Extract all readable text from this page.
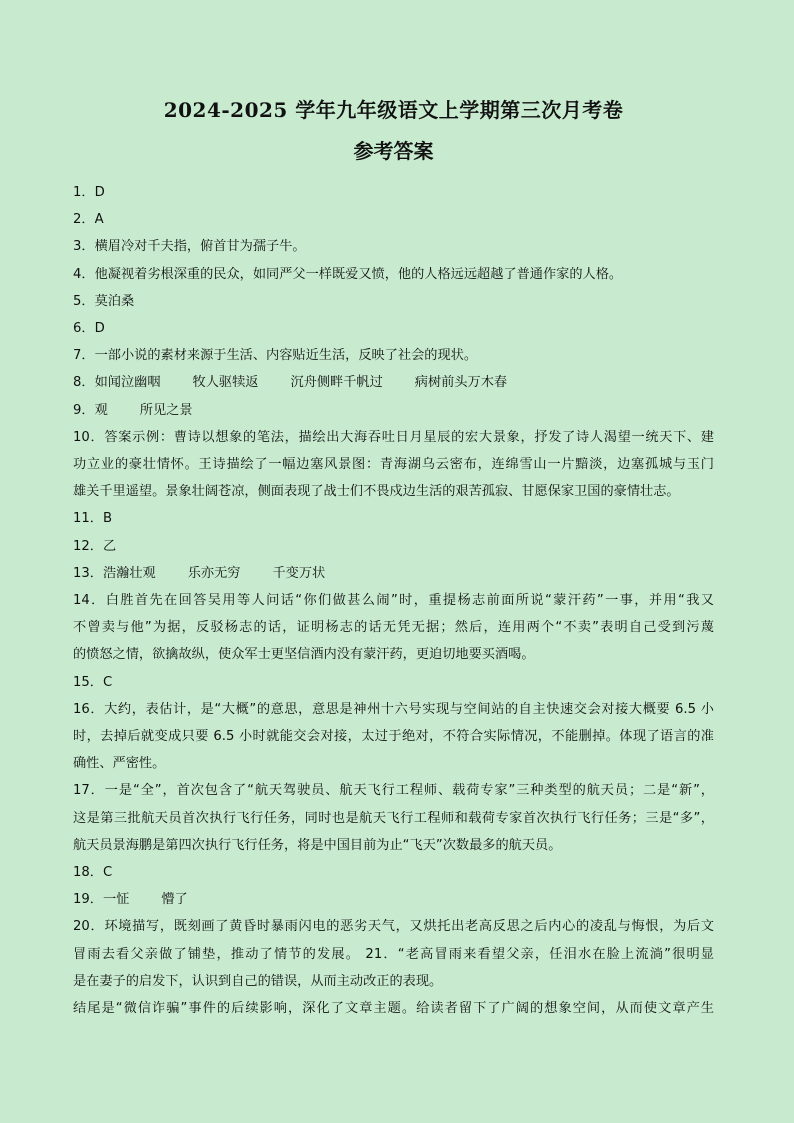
2024-2025 学年九年级语文上学期第三次月考卷
参考答案
1．D
2．A
3．横眉冷对千夫指，俯首甘为孺子牛。
4．他凝视着劣根深重的民众，如同严父一样既爱又愤，他的人格远远超越了普通作家的人格。
5．莫泊桑
6．D
7．一部小说的素材来源于生活、内容贴近生活，反映了社会的现状。
8．如闻泣幽咽 牧人驱犊返 沉舟侧畔千帆过 病树前头万木春
9．观 所见之景
10．答案示例：曹诗以想象的笔法，描绘出大海吞吐日月星辰的宏大景象，抒发了诗人渴望一统天下、建
功立业的豪壮情怀。王诗描绘了一幅边塞风景图：青海湖乌云密布，连绵雪山一片黯淡，边塞孤城与玉门
雄关千里遥望。景象壮阔苍凉，侧面表现了战士们不畏戍边生活的艰苦孤寂、甘愿保家卫国的豪情壮志。
11．B
12．乙
13．浩瀚壮观 乐亦无穷 千变万状
14．白胜首先在回答吴用等人问话“你们做甚么闹”时，重提杨志前面所说“蒙汗药”一事，并用“我又
不曾卖与他”为据，反驳杨志的话，证明杨志的话无凭无据；然后，连用两个“不卖”表明自己受到污蔑
的愤怒之情，欲擒故纵，使众军士更坚信酒内没有蒙汗药，更迫切地要买酒喝。
15．C
16．大约，表估计，是“大概”的意思，意思是神州十六号实现与空间站的自主快速交会对接大概要 6.5 小
时，去掉后就变成只要 6.5 小时就能交会对接，太过于绝对，不符合实际情况，不能删掉。体现了语言的准
确性、严密性。
17．一是“全”，首次包含了“航天驾驶员、航天飞行工程师、载荷专家”三种类型的航天员；二是“新”，
这是第三批航天员首次执行飞行任务，同时也是航天飞行工程师和载荷专家首次执行飞行任务；三是“多”，
航天员景海鹏是第四次执行飞行任务，将是中国目前为止“飞天”次数最多的航天员。
18．C
19．一怔 懵了
20．环境描写，既刻画了黄昏时暴雨闪电的恶劣天气，又烘托出老高反思之后内心的凌乱与悔恨，为后文
冒雨去看父亲做了铺垫，推动了情节的发展。 21．“老高冒雨来看望父亲，任泪水在脸上流淌”很明显
是在妻子的启发下，认识到自己的错误，从而主动改正的表现。
结尾是“微信诈骗”事件的后续影响，深化了文章主题。给读者留下了广阔的想象空间，从而使文章产生
